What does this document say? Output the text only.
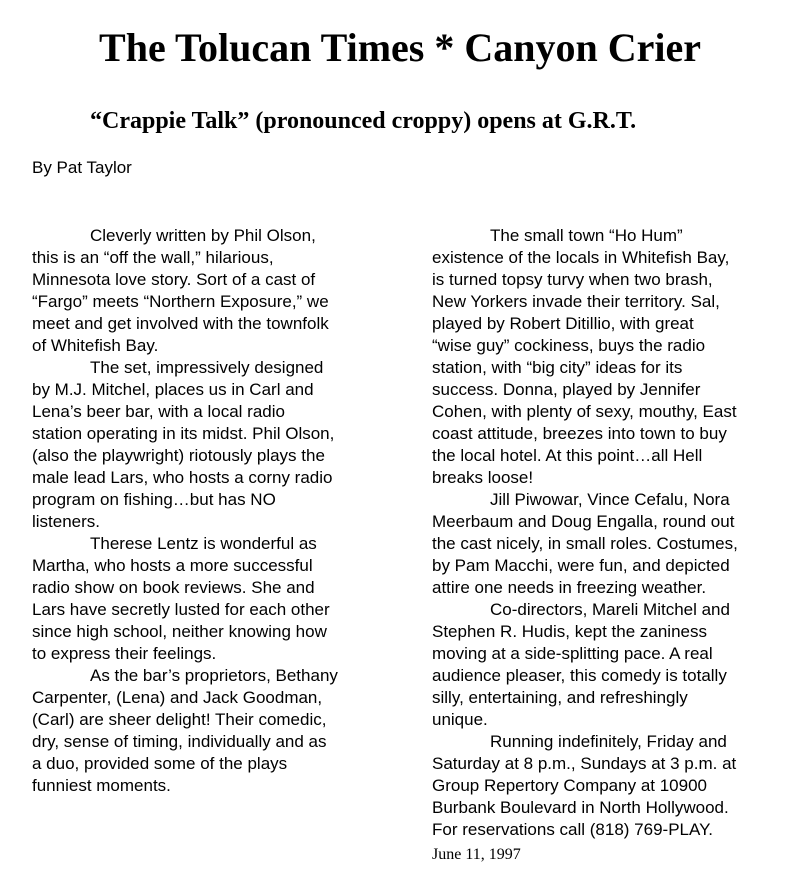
The Tolucan Times * Canyon Crier
“Crappie Talk” (pronounced croppy) opens at G.R.T.
By Pat Taylor

Cleverly written by Phil Olson,
this is an “off the wall,” hilarious,
Minnesota love story. Sort of a cast of
“Fargo” meets “Northern Exposure,” we
meet and get involved with the townfolk
of Whitefish Bay.

The set, impressively designed
by M.J. Mitchel, places us in Carl and
Lena’s beer bar, with a local radio
station operating in its midst. Phil Olson,
(also the playwright) riotously plays the
male lead Lars, who hosts a corny radio
program on fishing…but has NO
listeners.

Therese Lentz is wonderful as
Martha, who hosts a more successful
radio show on book reviews. She and
Lars have secretly lusted for each other
since high school, neither knowing how
to express their feelings.

As the bar’s proprietors, Bethany
Carpenter, (Lena) and Jack Goodman,
(Carl) are sheer delight! Their comedic,
dry, sense of timing, individually and as
a duo, provided some of the plays
funniest moments.

The small town “Ho Hum”
existence of the locals in Whitefish Bay,
is turned topsy turvy when two brash,
New Yorkers invade their territory. Sal,
played by Robert Ditillio, with great
“wise guy” cockiness, buys the radio
station, with “big city” ideas for its
success. Donna, played by Jennifer
Cohen, with plenty of sexy, mouthy, East
coast attitude, breezes into town to buy
the local hotel. At this point…all Hell
breaks loose!

Jill Piwowar, Vince Cefalu, Nora
Meerbaum and Doug Engalla, round out
the cast nicely, in small roles. Costumes,
by Pam Macchi, were fun, and depicted
attire one needs in freezing weather.

Co-directors, Mareli Mitchel and
Stephen R. Hudis, kept the zaniness
moving at a side-splitting pace. A real
audience pleaser, this comedy is totally
silly, entertaining, and refreshingly
unique.

Running indefinitely, Friday and
Saturday at 8 p.m., Sundays at 3 p.m. at
Group Repertory Company at 10900
Burbank Boulevard in North Hollywood.
For reservations call (818) 769-PLAY.

June 11, 1997
